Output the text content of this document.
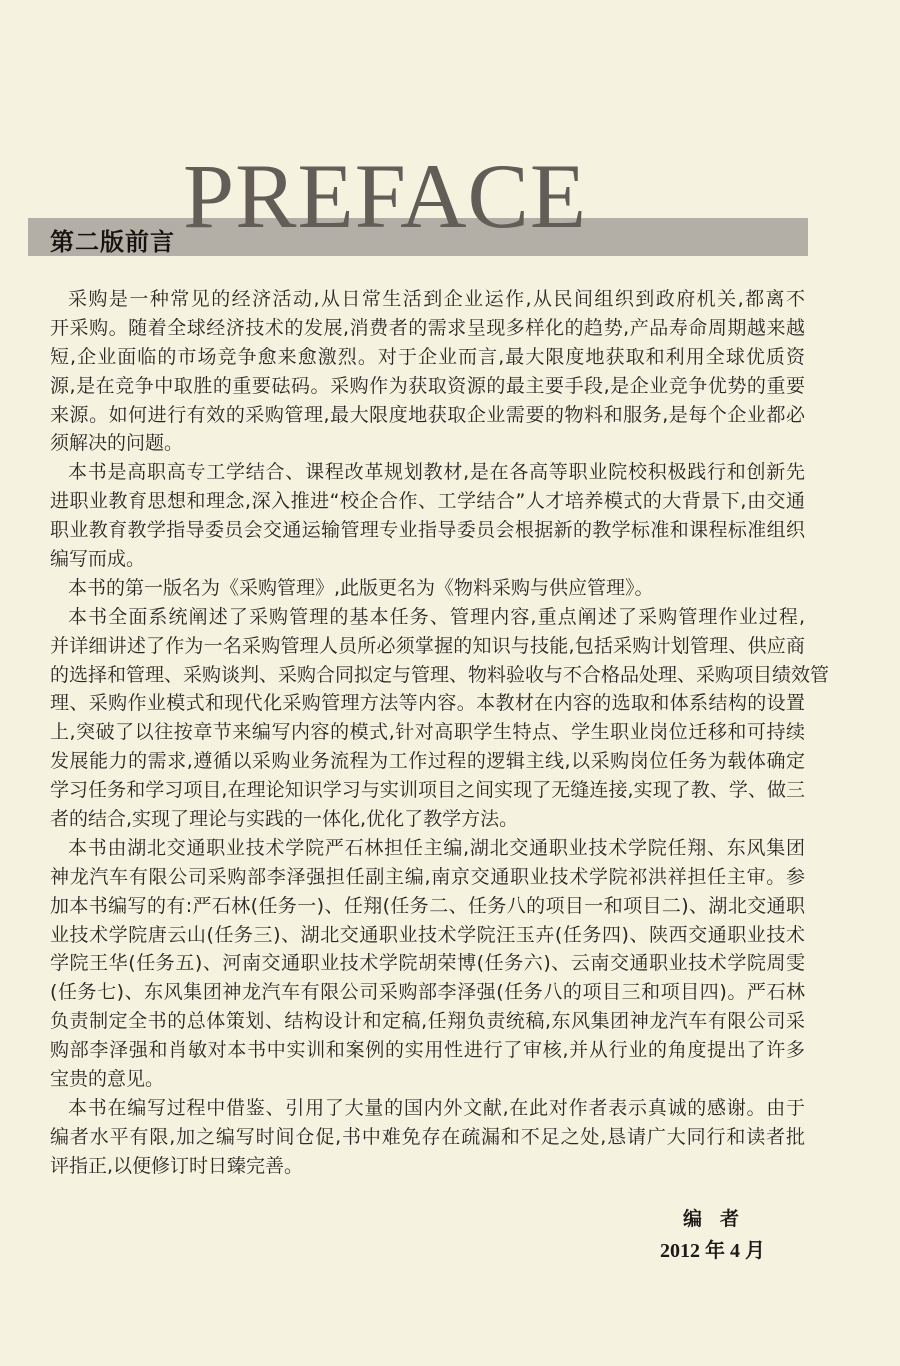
PREFACE
第二版前言
采购是一种常见的经济活动,从日常生活到企业运作,从民间组织到政府机关,都离不
开采购。随着全球经济技术的发展,消费者的需求呈现多样化的趋势,产品寿命周期越来越
短,企业面临的市场竞争愈来愈激烈。对于企业而言,最大限度地获取和利用全球优质资
源,是在竞争中取胜的重要砝码。采购作为获取资源的最主要手段,是企业竞争优势的重要
来源。如何进行有效的采购管理,最大限度地获取企业需要的物料和服务,是每个企业都必
须解决的问题。
本书是高职高专工学结合、课程改革规划教材,是在各高等职业院校积极践行和创新先
进职业教育思想和理念,深入推进“校企合作、工学结合”人才培养模式的大背景下,由交通
职业教育教学指导委员会交通运输管理专业指导委员会根据新的教学标准和课程标准组织
编写而成。
本书的第一版名为《采购管理》,此版更名为《物料采购与供应管理》。
本书全面系统阐述了采购管理的基本任务、管理内容,重点阐述了采购管理作业过程,
并详细讲述了作为一名采购管理人员所必须掌握的知识与技能,包括采购计划管理、供应商
的选择和管理、采购谈判、采购合同拟定与管理、物料验收与不合格品处理、采购项目绩效管
理、采购作业模式和现代化采购管理方法等内容。本教材在内容的选取和体系结构的设置
上,突破了以往按章节来编写内容的模式,针对高职学生特点、学生职业岗位迁移和可持续
发展能力的需求,遵循以采购业务流程为工作过程的逻辑主线,以采购岗位任务为载体确定
学习任务和学习项目,在理论知识学习与实训项目之间实现了无缝连接,实现了教、学、做三
者的结合,实现了理论与实践的一体化,优化了教学方法。
本书由湖北交通职业技术学院严石林担任主编,湖北交通职业技术学院任翔、东风集团
神龙汽车有限公司采购部李泽强担任副主编,南京交通职业技术学院祁洪祥担任主审。参
加本书编写的有:严石林(任务一)、任翔(任务二、任务八的项目一和项目二)、湖北交通职
业技术学院唐云山(任务三)、湖北交通职业技术学院汪玉卉(任务四)、陕西交通职业技术
学院王华(任务五)、河南交通职业技术学院胡荣博(任务六)、云南交通职业技术学院周雯
(任务七)、东风集团神龙汽车有限公司采购部李泽强(任务八的项目三和项目四)。严石林
负责制定全书的总体策划、结构设计和定稿,任翔负责统稿,东风集团神龙汽车有限公司采
购部李泽强和肖敏对本书中实训和案例的实用性进行了审核,并从行业的角度提出了许多
宝贵的意见。
本书在编写过程中借鉴、引用了大量的国内外文献,在此对作者表示真诚的感谢。由于
编者水平有限,加之编写时间仓促,书中难免存在疏漏和不足之处,恳请广大同行和读者批
评指正,以便修订时日臻完善。
编者
2012 年 4 月
